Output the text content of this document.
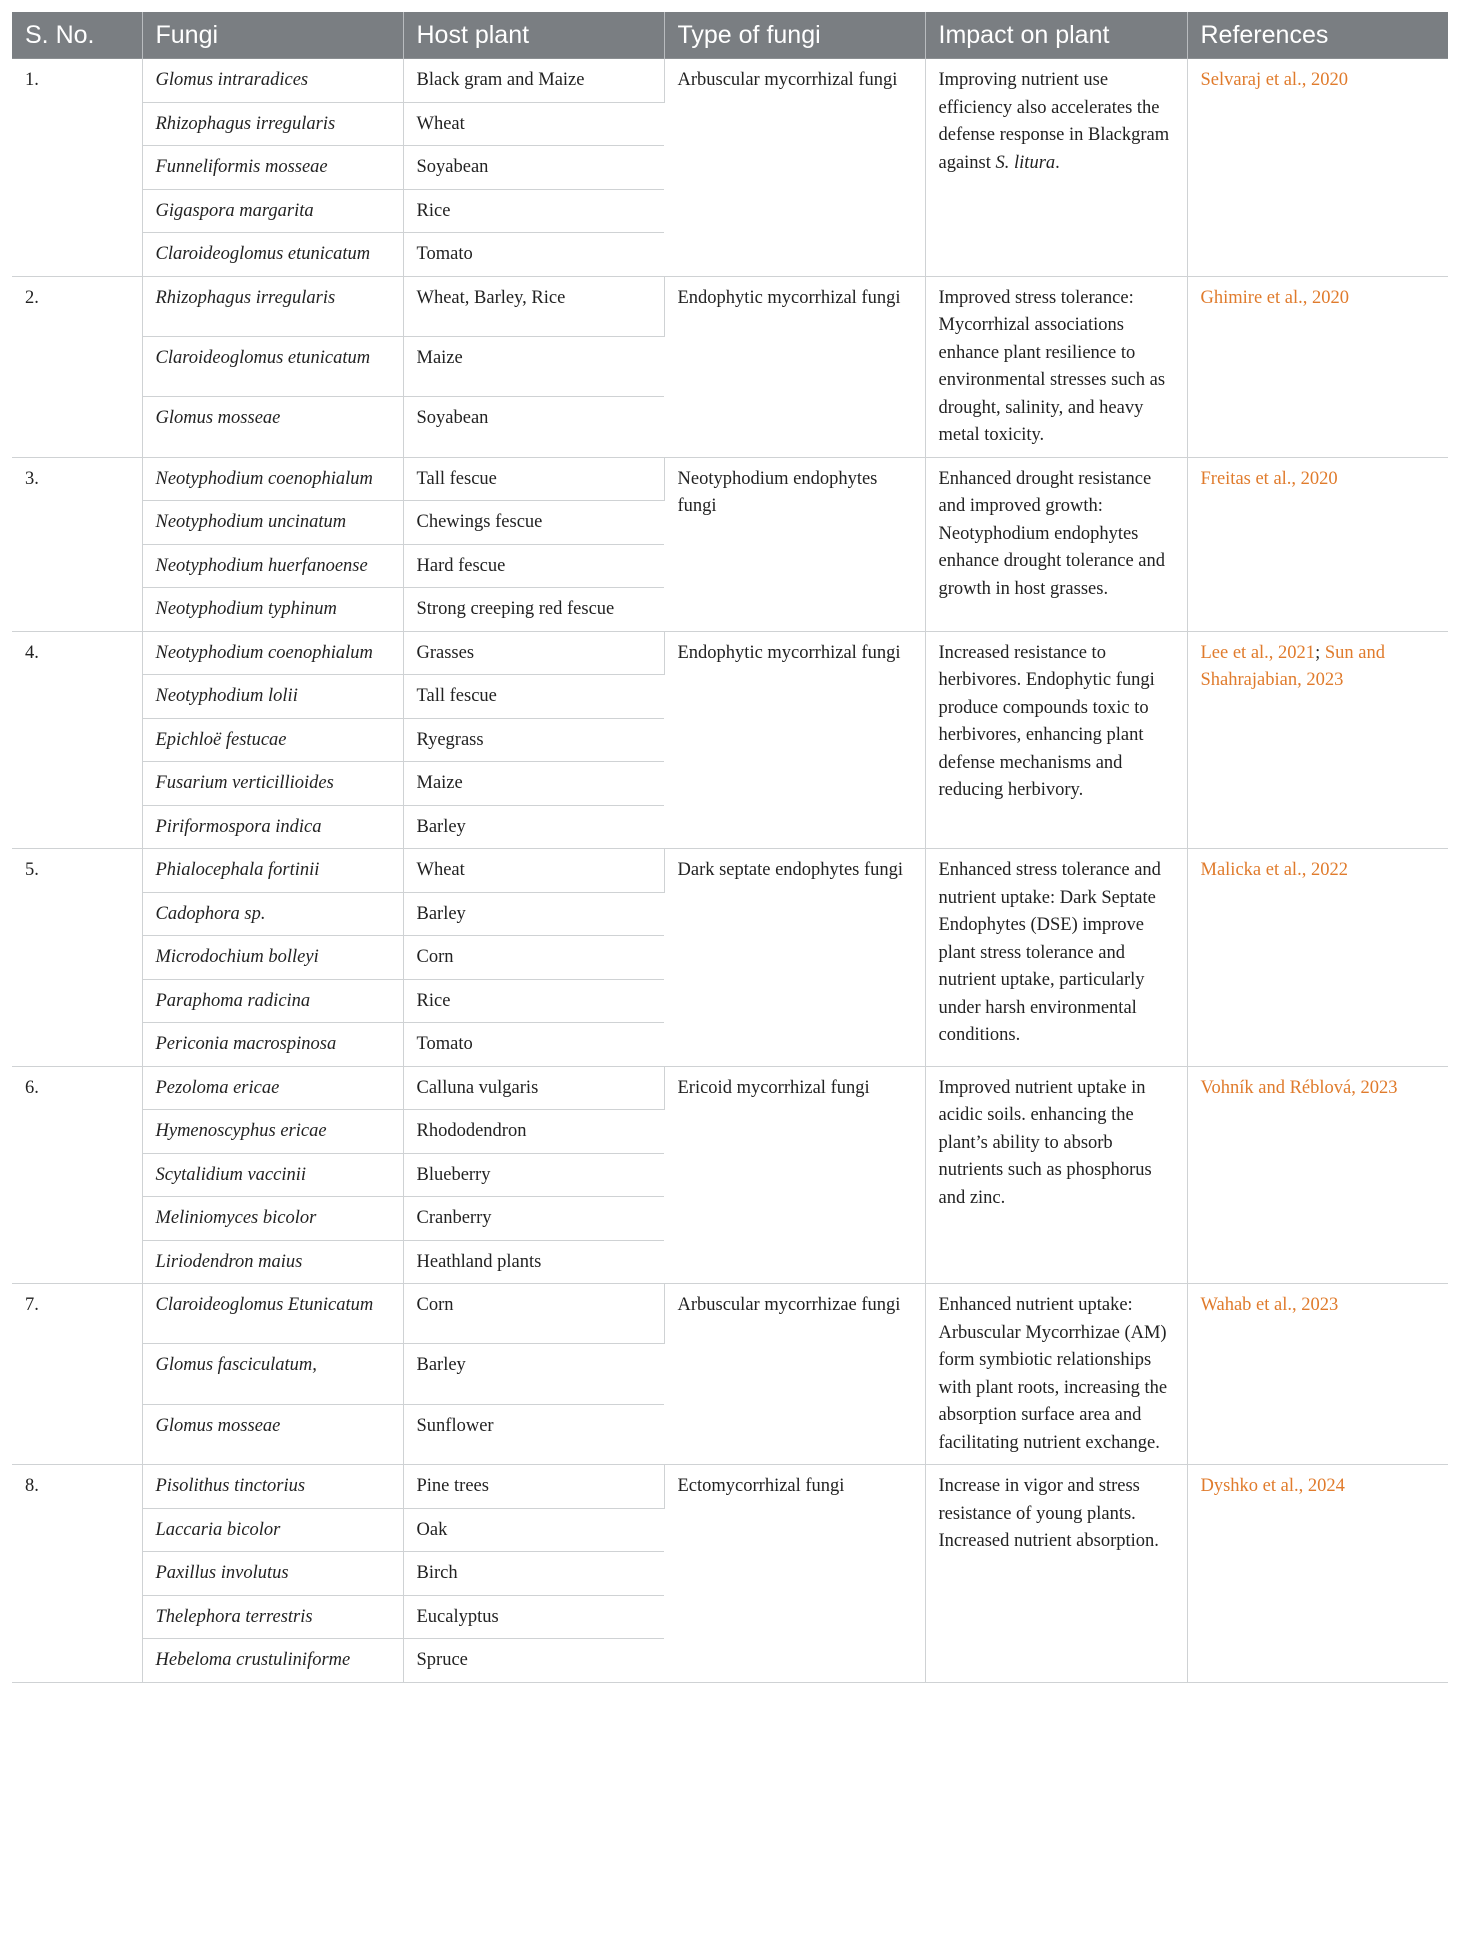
S. No.	Fungi	Host plant	Type of fungi	Impact on plant	References
1.	Glomus intraradices	Black gram and Maize	Arbuscular mycorrhizal fungi	Improving nutrient use efficiency also accelerates the defense response in Blackgram against S. litura.	Selvaraj et al., 2020
	Rhizophagus irregularis	Wheat			
	Funneliformis mosseae	Soyabean			
	Gigaspora margarita	Rice			
	Claroideoglomus etunicatum	Tomato			
2.	Rhizophagus irregularis	Wheat, Barley, Rice	Endophytic mycorrhizal fungi	Improved stress tolerance: Mycorrhizal associations enhance plant resilience to environmental stresses such as drought, salinity, and heavy metal toxicity.	Ghimire et al., 2020
	Claroideoglomus etunicatum	Maize			
	Glomus mosseae	Soyabean			
3.	Neotyphodium coenophialum	Tall fescue	Neotyphodium endophytes fungi	Enhanced drought resistance and improved growth: Neotyphodium endophytes enhance drought tolerance and growth in host grasses.	Freitas et al., 2020
	Neotyphodium uncinatum	Chewings fescue			
	Neotyphodium huerfanoense	Hard fescue			
	Neotyphodium typhinum	Strong creeping red fescue			
4.	Neotyphodium coenophialum	Grasses	Endophytic mycorrhizal fungi	Increased resistance to herbivores. Endophytic fungi produce compounds toxic to herbivores, enhancing plant defense mechanisms and reducing herbivory.	Lee et al., 2021; Sun and Shahrajabian, 2023
	Neotyphodium lolii	Tall fescue			
	Epichloë festucae	Ryegrass			
	Fusarium verticillioides	Maize			
	Piriformospora indica	Barley			
5.	Phialocephala fortinii	Wheat	Dark septate endophytes fungi	Enhanced stress tolerance and nutrient uptake: Dark Septate Endophytes (DSE) improve plant stress tolerance and nutrient uptake, particularly under harsh environmental conditions.	Malicka et al., 2022
	Cadophora sp.	Barley			
	Microdochium bolleyi	Corn			
	Paraphoma radicina	Rice			
	Periconia macrospinosa	Tomato			
6.	Pezoloma ericae	Calluna vulgaris	Ericoid mycorrhizal fungi	Improved nutrient uptake in acidic soils. enhancing the plant’s ability to absorb nutrients such as phosphorus and zinc.	Vohník and Réblová, 2023
	Hymenoscyphus ericae	Rhododendron			
	Scytalidium vaccinii	Blueberry			
	Meliniomyces bicolor	Cranberry			
	Liriodendron maius	Heathland plants			
7.	Claroideoglomus Etunicatum	Corn	Arbuscular mycorrhizae fungi	Enhanced nutrient uptake: Arbuscular Mycorrhizae (AM) form symbiotic relationships with plant roots, increasing the absorption surface area and facilitating nutrient exchange.	Wahab et al., 2023
	Glomus fasciculatum,	Barley			
	Glomus mosseae	Sunflower			
8.	Pisolithus tinctorius	Pine trees	Ectomycorrhizal fungi	Increase in vigor and stress resistance of young plants. Increased nutrient absorption.	Dyshko et al., 2024
	Laccaria bicolor	Oak			
	Paxillus involutus	Birch			
	Thelephora terrestris	Eucalyptus			
	Hebeloma crustuliniforme	Spruce			
